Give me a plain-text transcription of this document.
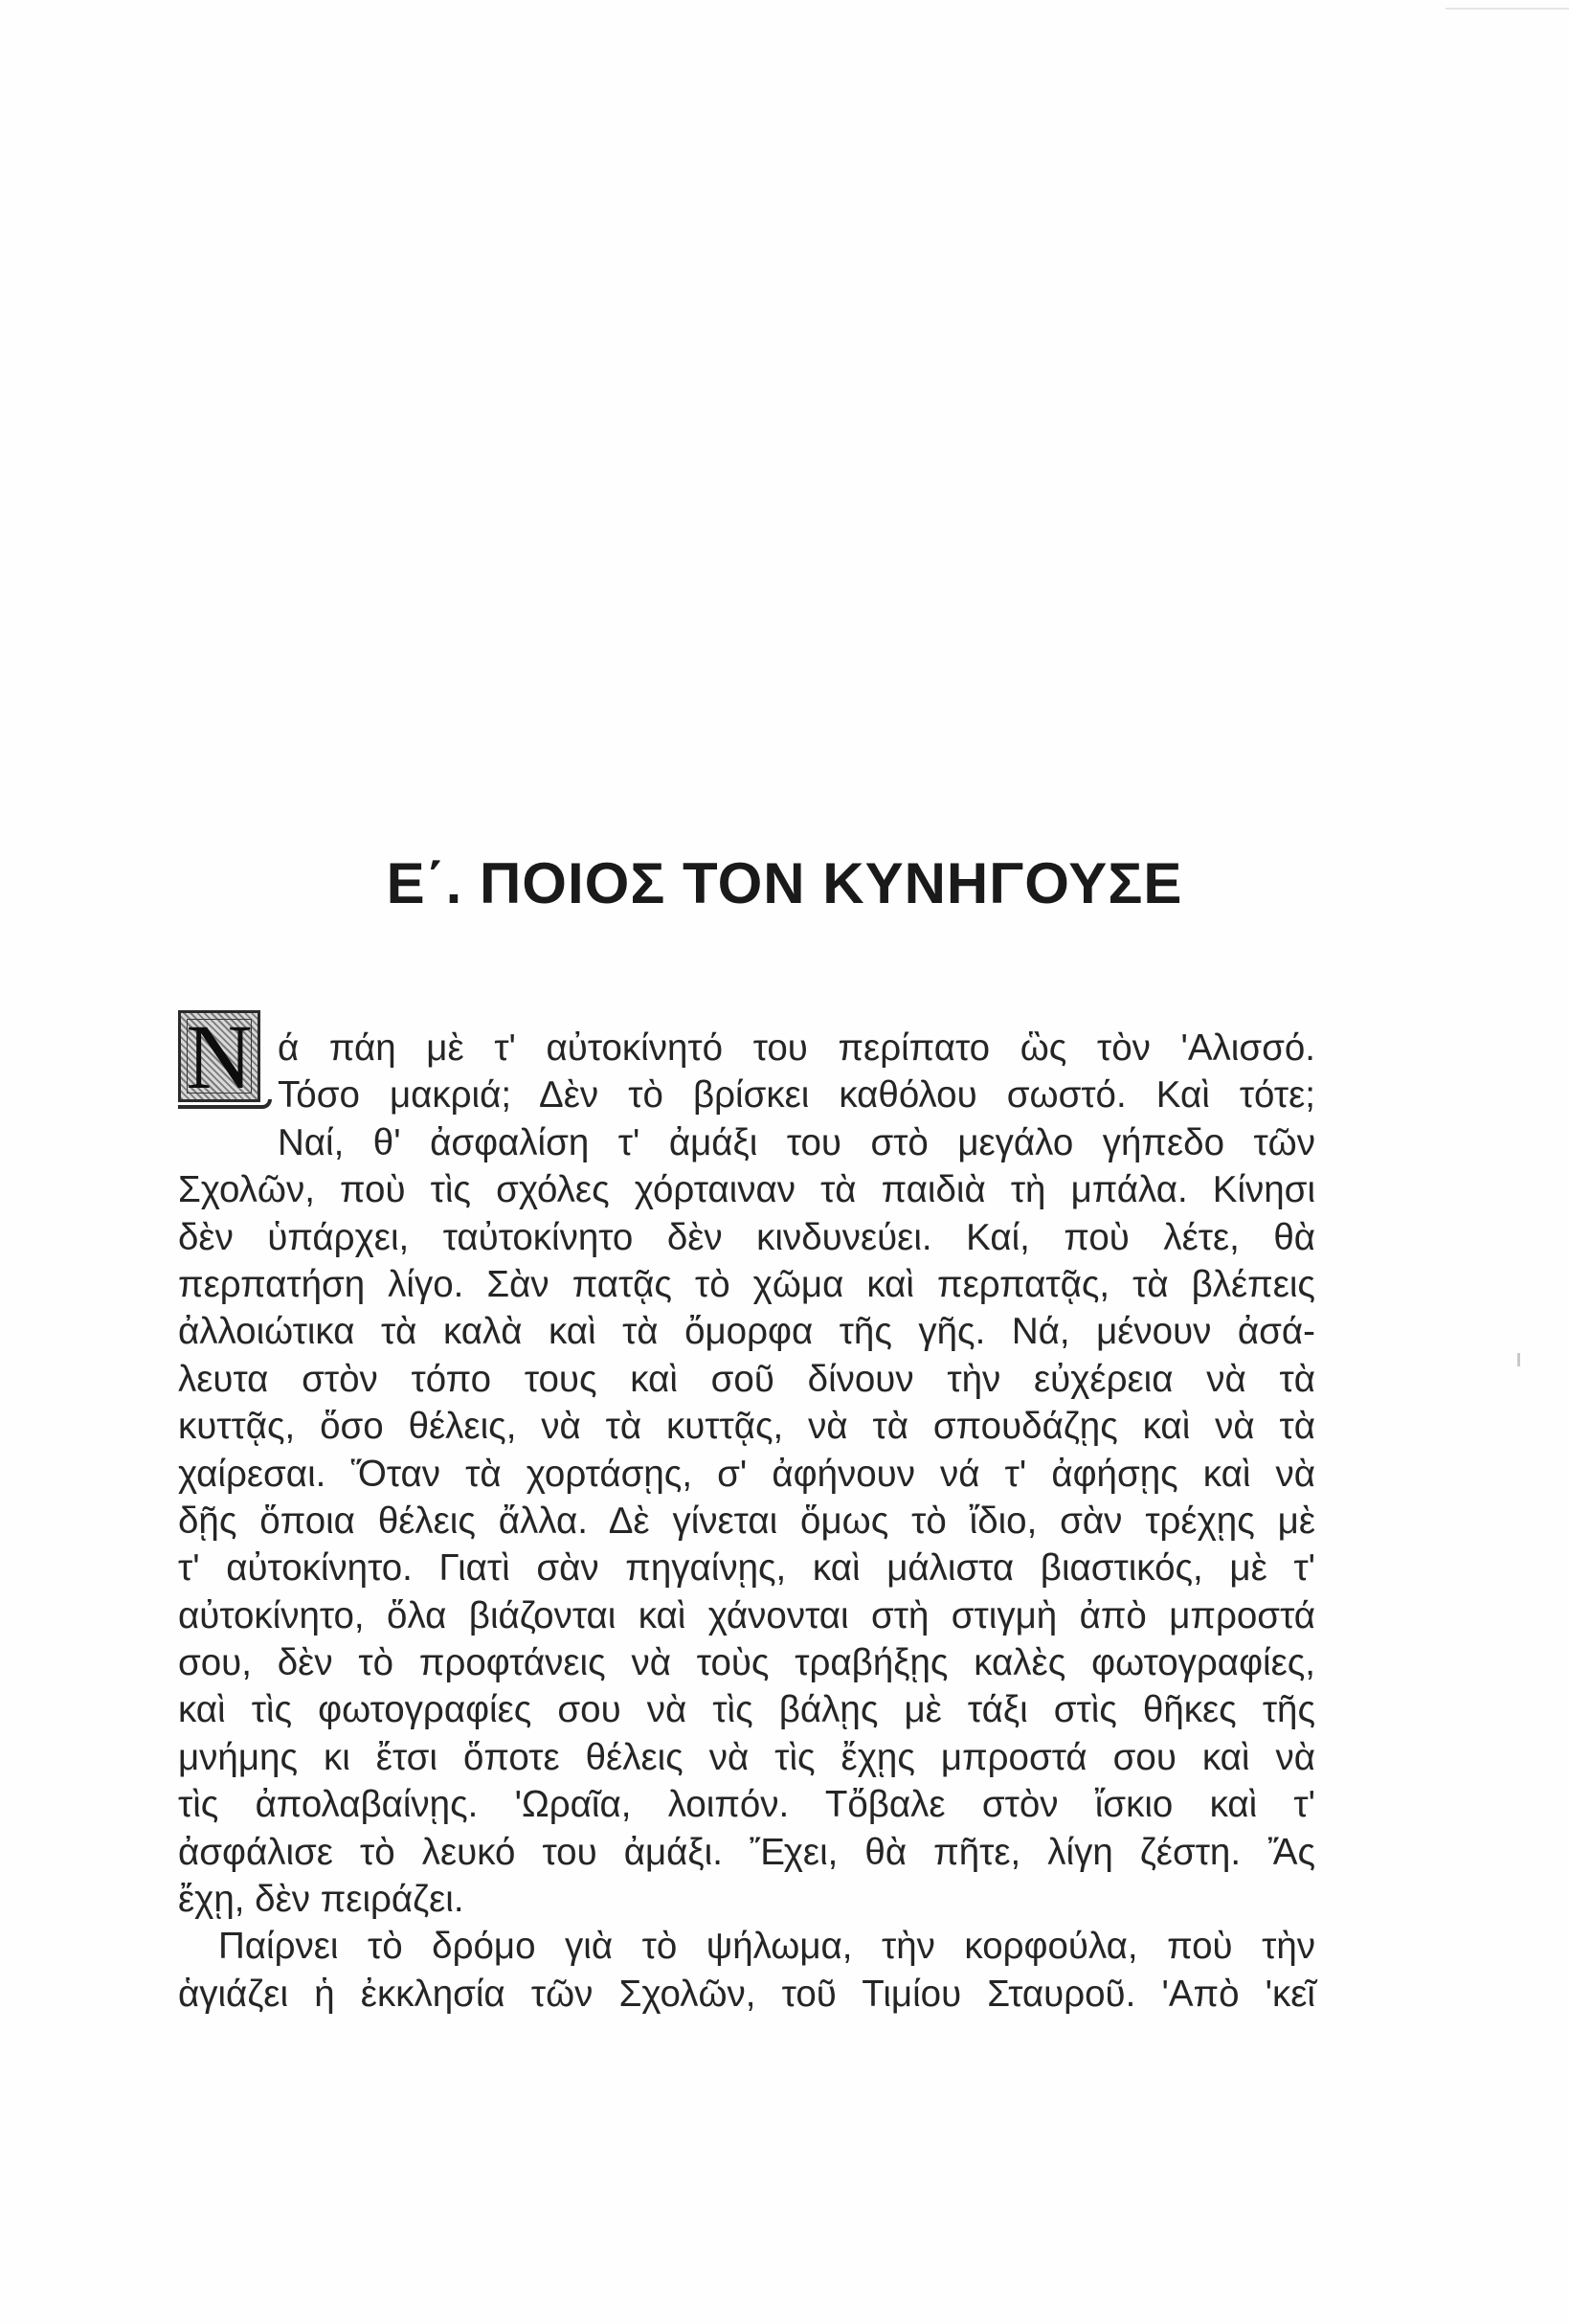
Ε΄. ΠΟΙΟΣ ΤΟΝ ΚΥΝΗΓΟΥΣΕ
N ά πάη μὲ τ' αὐτοκίνητό του περίπατο ὣς τὸν 'Αλισσό.
Τόσο μακριά; Δὲν τὸ βρίσκει καθόλου σωστό. Καὶ τότε;
Ναί, θ' ἀσφαλίση τ' ἀμάξι του στὸ μεγάλο γήπεδο τῶν
Σχολῶν, ποὺ τὶς σχόλες χόρταιναν τὰ παιδιὰ τὴ μπάλα. Κίνησι
δὲν ὑπάρχει, ταὐτοκίνητο δὲν κινδυνεύει. Καί, ποὺ λέτε, θὰ
περπατήση λίγο. Σὰν πατᾷς τὸ χῶμα καὶ περπατᾷς, τὰ βλέπεις
ἀλλοιώτικα τὰ καλὰ καὶ τὰ ὄμορφα τῆς γῆς. Νά, μένουν ἀσά-
λευτα στὸν τόπο τους καὶ σοῦ δίνουν τὴν εὐχέρεια νὰ τὰ
κυττᾷς, ὅσο θέλεις, νὰ τὰ κυττᾷς, νὰ τὰ σπουδάζῃς καὶ νὰ τὰ
χαίρεσαι. Ὅταν τὰ χορτάσῃς, σ' ἀφήνουν νά τ' ἀφήσῃς καὶ νὰ
δῇς ὅποια θέλεις ἄλλα. Δὲ γίνεται ὅμως τὸ ἴδιο, σὰν τρέχῃς μὲ
τ' αὐτοκίνητο. Γιατὶ σὰν πηγαίνῃς, καὶ μάλιστα βιαστικός, μὲ τ'
αὐτοκίνητο, ὅλα βιάζονται καὶ χάνονται στὴ στιγμὴ ἀπὸ μπροστά
σου, δὲν τὸ προφτάνεις νὰ τοὺς τραβήξῃς καλὲς φωτογραφίες,
καὶ τὶς φωτογραφίες σου νὰ τὶς βάλῃς μὲ τάξι στὶς θῆκες τῆς
μνήμης κι ἔτσι ὅποτε θέλεις νὰ τὶς ἔχῃς μπροστά σου καὶ νὰ
τὶς ἀπολαβαίνῃς. 'Ωραῖα, λοιπόν. Τὄβαλε στὸν ἴσκιο καὶ τ'
ἀσφάλισε τὸ λευκό του ἀμάξι. Ἔχει, θὰ πῆτε, λίγη ζέστη. Ἄς
ἔχῃ, δὲν πειράζει.
Παίρνει τὸ δρόμο γιὰ τὸ ψήλωμα, τὴν κορφούλα, ποὺ τὴν
ἁγιάζει ἡ ἐκκλησία τῶν Σχολῶν, τοῦ Τιμίου Σταυροῦ. 'Απὸ 'κεῖ
